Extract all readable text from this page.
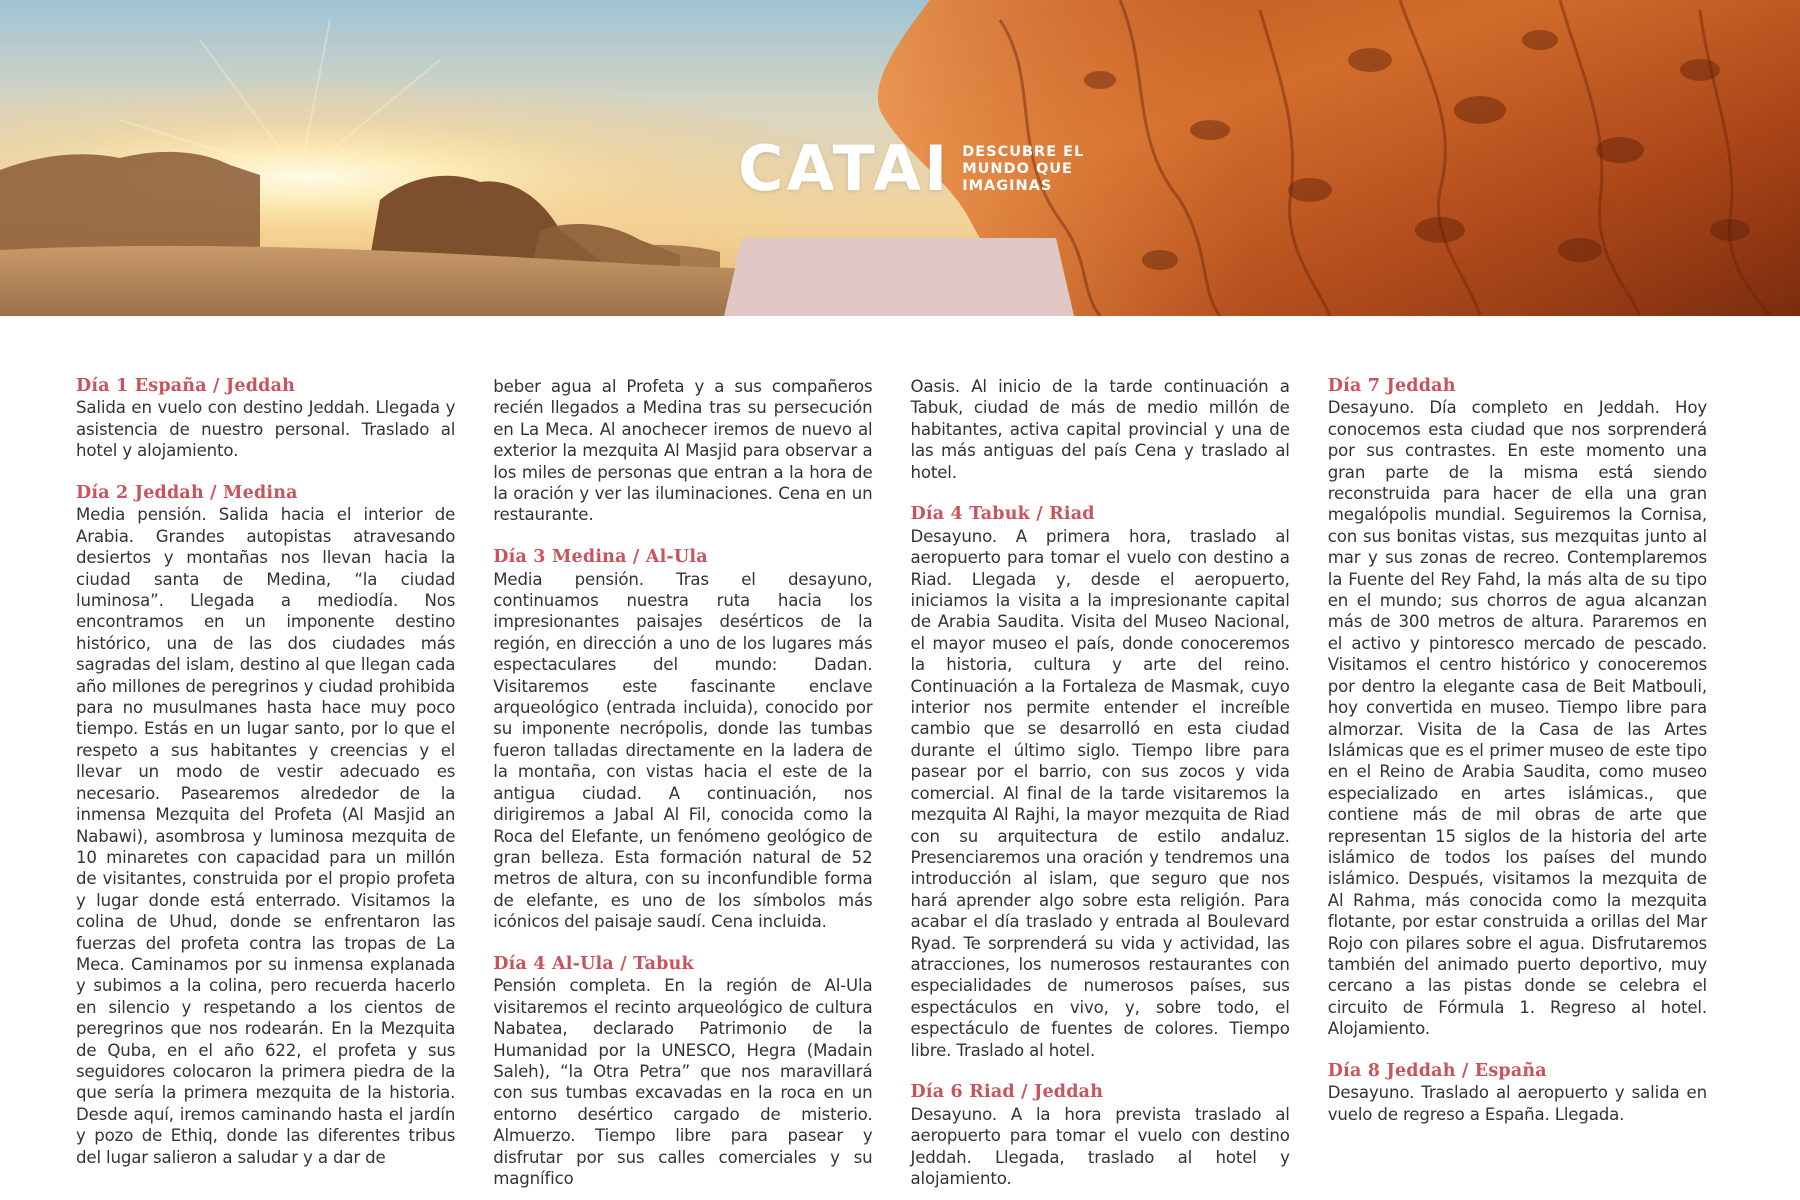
CATAI DESCUBRE EL
MUNDO QUE
IMAGINAS
Día 1 España / Jeddah

Salida en vuelo con destino Jeddah. Llegada y asistencia de nuestro personal. Traslado al hotel y alojamiento.

Día 2 Jeddah / Medina

Media pensión. Salida hacia el interior de Arabia. Grandes autopistas atravesando desiertos y montañas nos llevan hacia la ciudad santa de Medina, “la ciudad luminosa”. Llegada a mediodía. Nos encontramos en un imponente destino histórico, una de las dos ciudades más sagradas del islam, destino al que llegan cada año millones de peregrinos y ciudad prohibida para no musulmanes hasta hace muy poco tiempo. Estás en un lugar santo, por lo que el respeto a sus habitantes y creencias y el llevar un modo de vestir adecuado es necesario. Pasearemos alrededor de la inmensa Mezquita del Profeta (Al Masjid an Nabawi), asombrosa y luminosa mezquita de 10 minaretes con capacidad para un millón de visitantes, construida por el propio profeta y lugar donde está enterrado. Visitamos la colina de Uhud, donde se enfrentaron las fuerzas del profeta contra las tropas de La Meca. Caminamos por su inmensa explanada y subimos a la colina, pero recuerda hacerlo en silencio y respetando a los cientos de peregrinos que nos rodearán. En la Mezquita de Quba, en el año 622, el profeta y sus seguidores colocaron la primera piedra de la que sería la primera mezquita de la historia. Desde aquí, iremos caminando hasta el jardín y pozo de Ethiq, donde las diferentes tribus del lugar salieron a saludar y a dar de

beber agua al Profeta y a sus compañeros recién llegados a Medina tras su persecución en La Meca. Al anochecer iremos de nuevo al exterior la mezquita Al Masjid para observar a los miles de personas que entran a la hora de la oración y ver las iluminaciones. Cena en un restaurante.

Día 3 Medina / Al-Ula

Media pensión. Tras el desayuno, continuamos nuestra ruta hacia los impresionantes paisajes desérticos de la región, en dirección a uno de los lugares más espectaculares del mundo: Dadan. Visitaremos este fascinante enclave arqueológico (entrada incluida), conocido por su imponente necrópolis, donde las tumbas fueron talladas directamente en la ladera de la montaña, con vistas hacia el este de la antigua ciudad. A continuación, nos dirigiremos a Jabal Al Fil, conocida como la Roca del Elefante, un fenómeno geológico de gran belleza. Esta formación natural de 52 metros de altura, con su inconfundible forma de elefante, es uno de los símbolos más icónicos del paisaje saudí. Cena incluida.

Día 4 Al-Ula / Tabuk

Pensión completa. En la región de Al-Ula visitaremos el recinto arqueológico de cultura Nabatea, declarado Patrimonio de la Humanidad por la UNESCO, Hegra (Madain Saleh), “la Otra Petra” que nos maravillará con sus tumbas excavadas en la roca en un entorno desértico cargado de misterio. Almuerzo. Tiempo libre para pasear y disfrutar por sus calles comerciales y su magnífico

Oasis. Al inicio de la tarde continuación a Tabuk, ciudad de más de medio millón de habitantes, activa capital provincial y una de las más antiguas del país Cena y traslado al hotel.

Día 4 Tabuk / Riad

Desayuno. A primera hora, traslado al aeropuerto para tomar el vuelo con destino a Riad. Llegada y, desde el aeropuerto, iniciamos la visita a la impresionante capital de Arabia Saudita. Visita del Museo Nacional, el mayor museo el país, donde conoceremos la historia, cultura y arte del reino. Continuación a la Fortaleza de Masmak, cuyo interior nos permite entender el increíble cambio que se desarrolló en esta ciudad durante el último siglo. Tiempo libre para pasear por el barrio, con sus zocos y vida comercial. Al final de la tarde visitaremos la mezquita Al Rajhi, la mayor mezquita de Riad con su arquitectura de estilo andaluz. Presenciaremos una oración y tendremos una introducción al islam, que seguro que nos hará aprender algo sobre esta religión. Para acabar el día traslado y entrada al Boulevard Ryad. Te sorprenderá su vida y actividad, las atracciones, los numerosos restaurantes con especialidades de numerosos países, sus espectáculos en vivo, y, sobre todo, el espectáculo de fuentes de colores. Tiempo libre. Traslado al hotel.

Día 6 Riad / Jeddah

Desayuno. A la hora prevista traslado al aeropuerto para tomar el vuelo con destino Jeddah. Llegada, traslado al hotel y alojamiento.

Día 7 Jeddah

Desayuno. Día completo en Jeddah. Hoy conocemos esta ciudad que nos sorprenderá por sus contrastes. En este momento una gran parte de la misma está siendo reconstruida para hacer de ella una gran megalópolis mundial. Seguiremos la Cornisa, con sus bonitas vistas, sus mezquitas junto al mar y sus zonas de recreo. Contemplaremos la Fuente del Rey Fahd, la más alta de su tipo en el mundo; sus chorros de agua alcanzan más de 300 metros de altura. Pararemos en el activo y pintoresco mercado de pescado. Visitamos el centro histórico y conoceremos por dentro la elegante casa de Beit Matbouli, hoy convertida en museo. Tiempo libre para almorzar. Visita de la Casa de las Artes Islámicas que es el primer museo de este tipo en el Reino de Arabia Saudita, como museo especializado en artes islámicas., que contiene más de mil obras de arte que representan 15 siglos de la historia del arte islámico de todos los países del mundo islámico. Después, visitamos la mezquita de Al Rahma, más conocida como la mezquita flotante, por estar construida a orillas del Mar Rojo con pilares sobre el agua. Disfrutaremos también del animado puerto deportivo, muy cercano a las pistas donde se celebra el circuito de Fórmula 1. Regreso al hotel. Alojamiento.

Día 8 Jeddah / España

Desayuno. Traslado al aeropuerto y salida en vuelo de regreso a España. Llegada.
